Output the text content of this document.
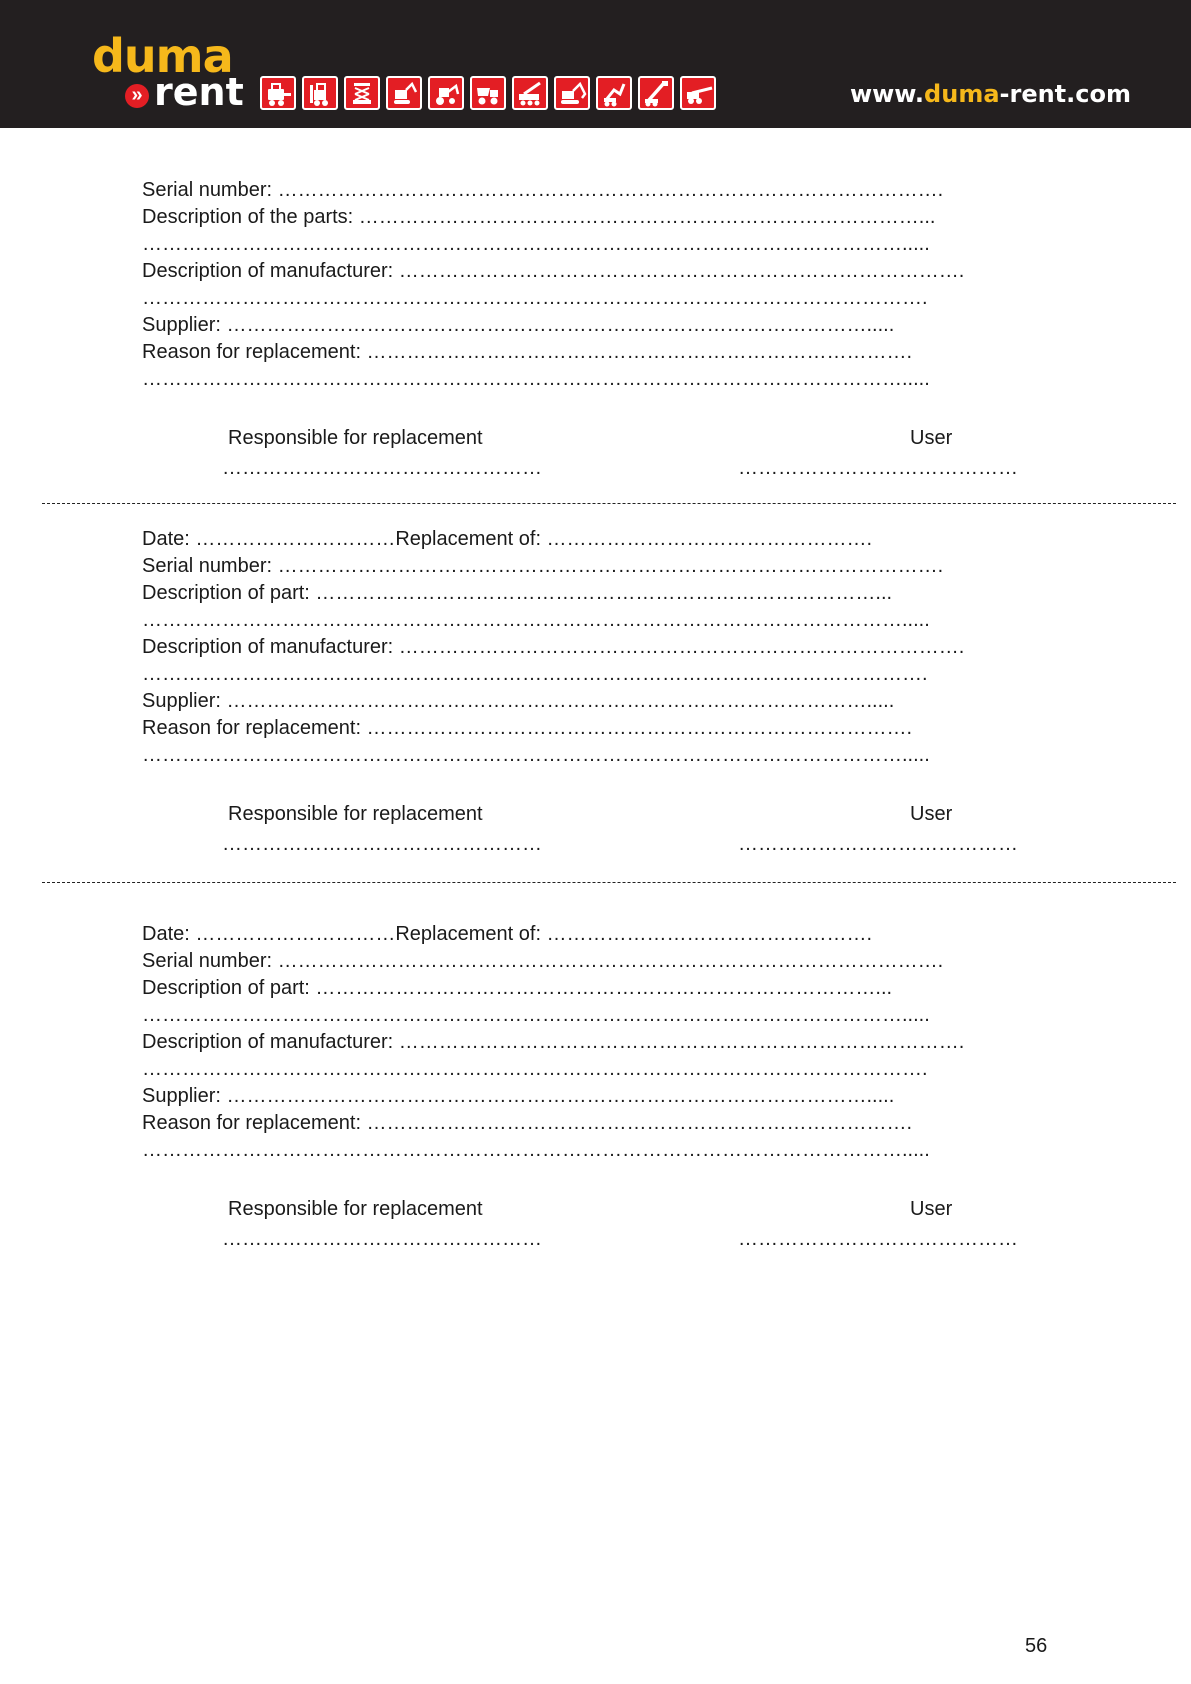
duma
» rent	www.duma-rent.com
Serial number: ……………………………………………………………………………………….
Description of the parts: …………………………………………………………………………...
…………………………………………………………………………………………………….....
Description of manufacturer: ………………………………………………………………………….
……………………………………………………………………………………………………….
Supplier: …………………………………………………………………………………….....
Reason for replacement: ……………………………………………………………………….
…………………………………………………………………………………………………….....
Responsible for replacement	User
…………………………………………	……………………………………
Date: …………………………Replacement of: ………………………………………….
Serial number: ……………………………………………………………………………………….
Description of part: …………………………………………………………………………...
…………………………………………………………………………………………………….....
Description of manufacturer: ………………………………………………………………………….
……………………………………………………………………………………………………….
Supplier: …………………………………………………………………………………….....
Reason for replacement: ……………………………………………………………………….
…………………………………………………………………………………………………….....
Responsible for replacement	User
…………………………………………	……………………………………
Date: …………………………Replacement of: ………………………………………….
Serial number: ……………………………………………………………………………………….
Description of part: …………………………………………………………………………...
…………………………………………………………………………………………………….....
Description of manufacturer: ………………………………………………………………………….
……………………………………………………………………………………………………….
Supplier: …………………………………………………………………………………….....
Reason for replacement: ……………………………………………………………………….
…………………………………………………………………………………………………….....
Responsible for replacement	User
…………………………………………	……………………………………
56
